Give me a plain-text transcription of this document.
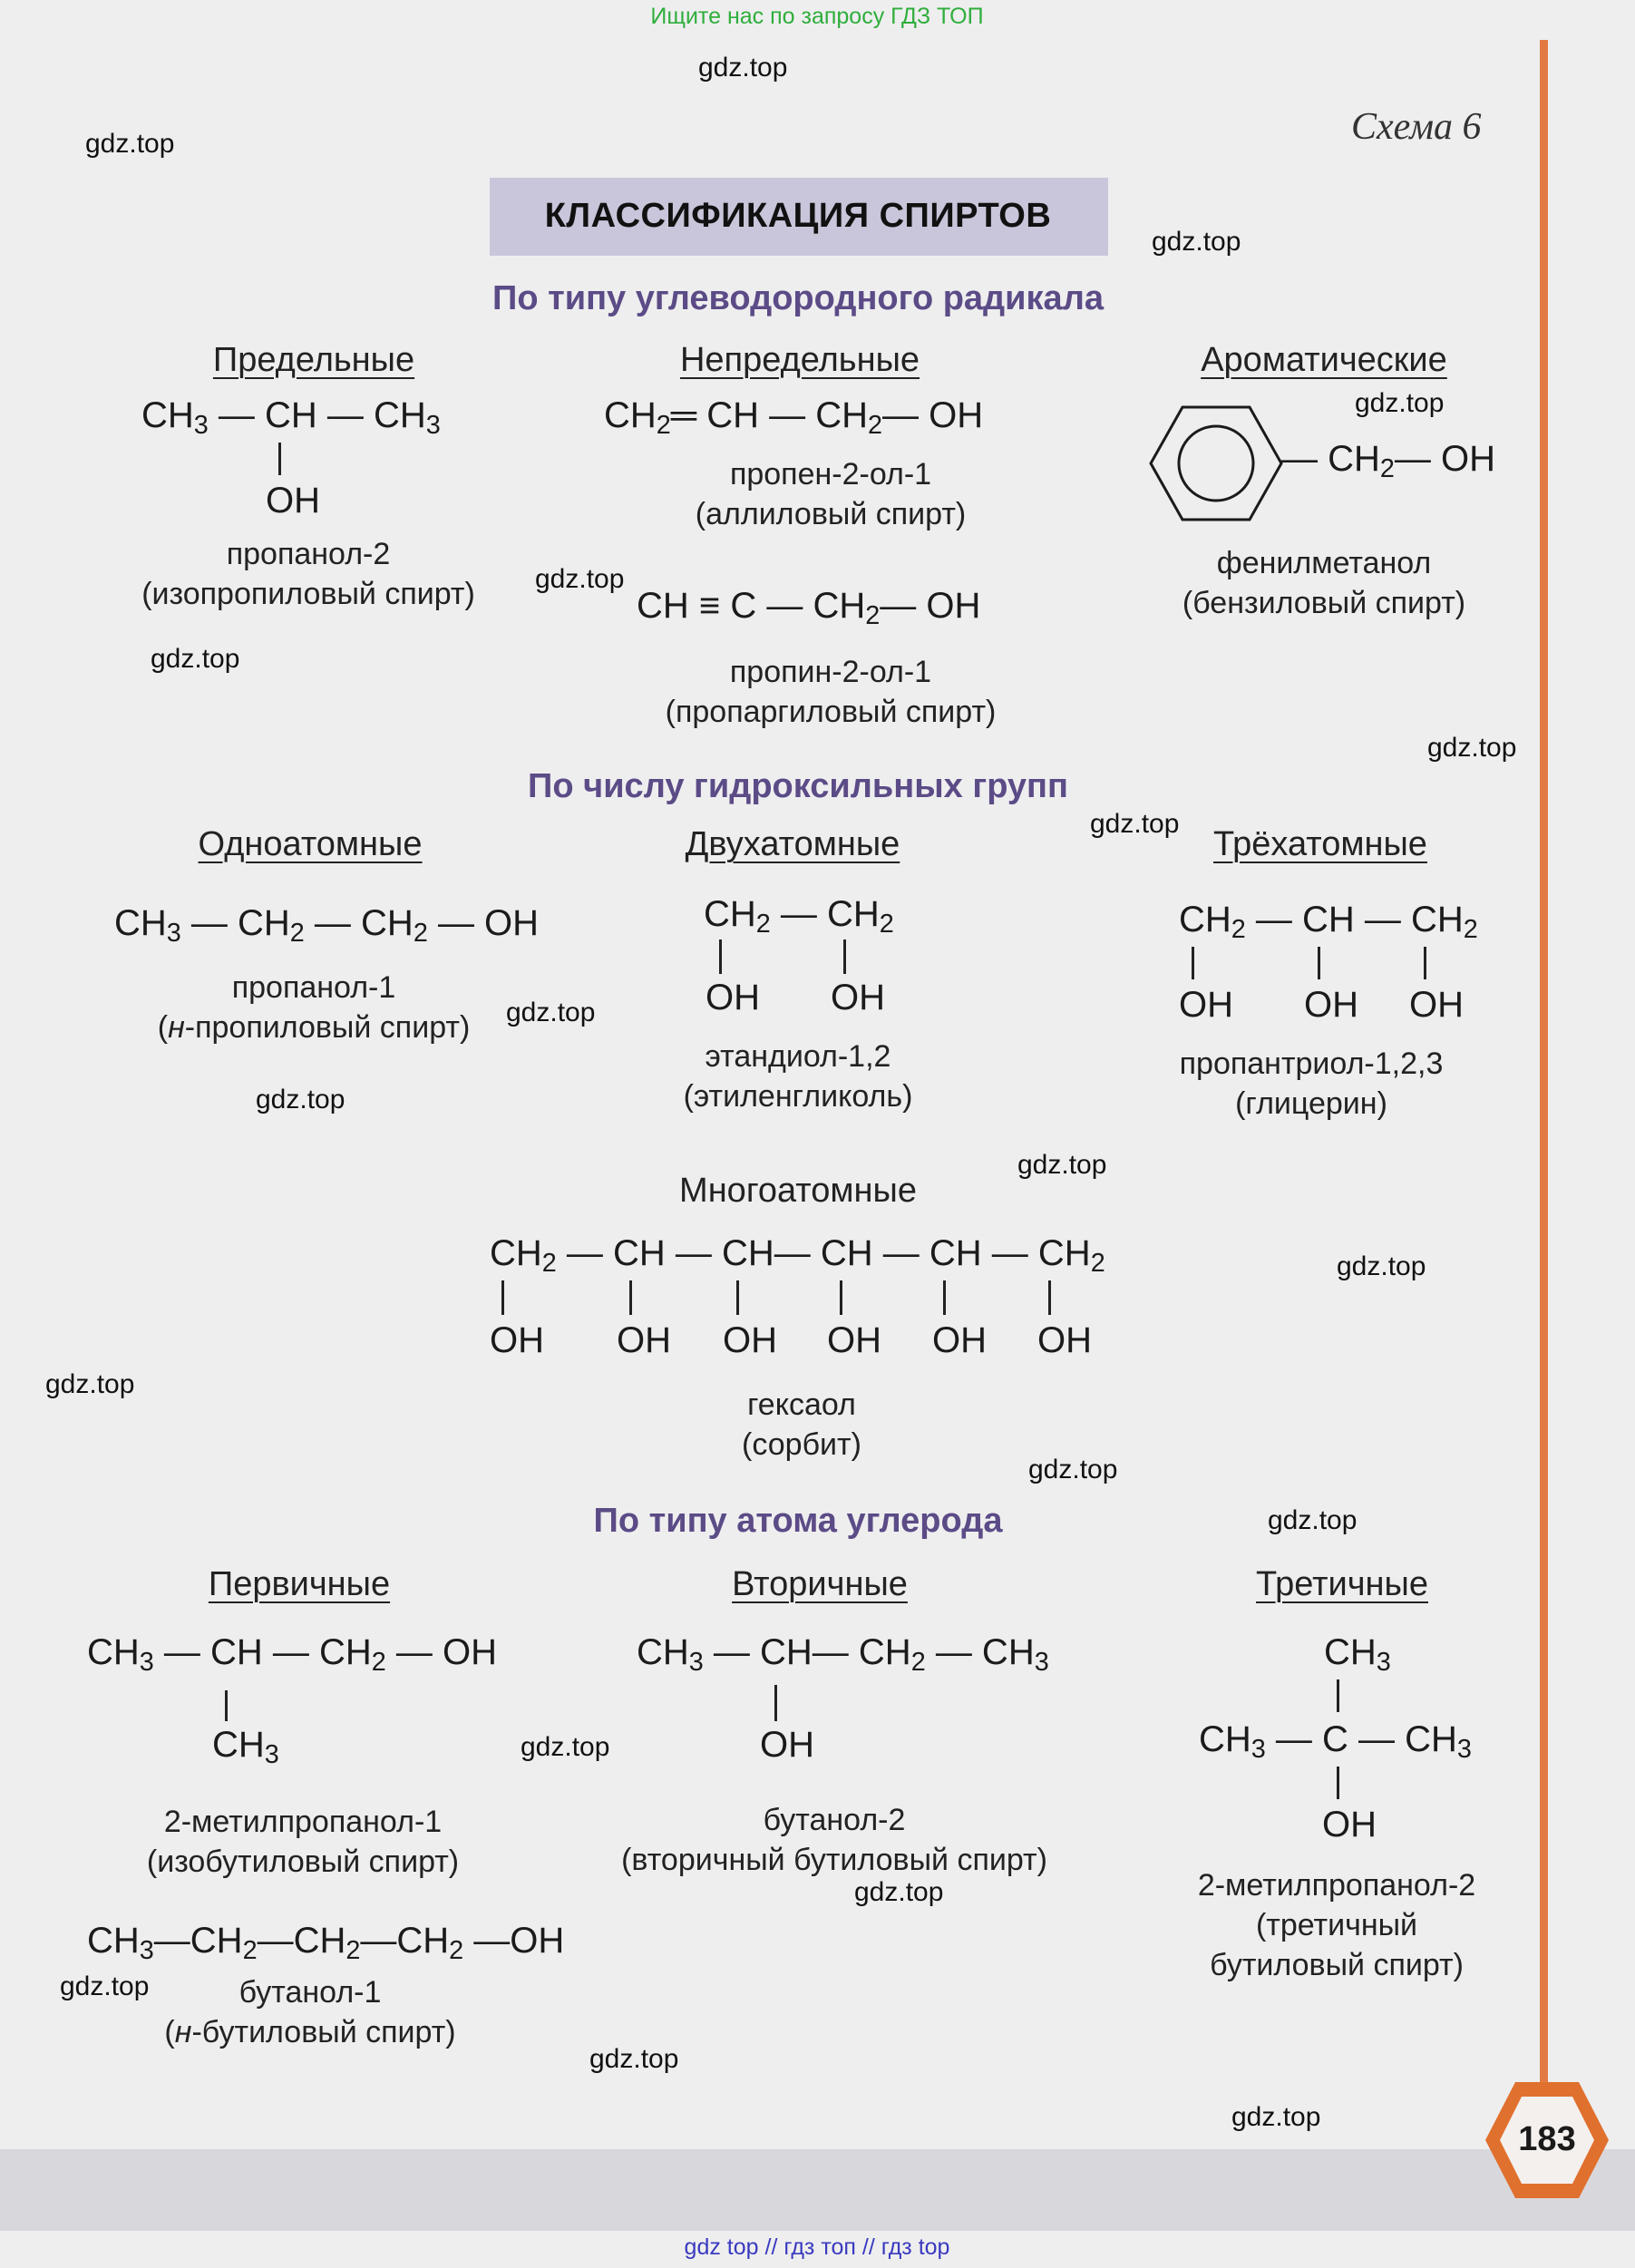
Ищите нас по запросу ГДЗ ТОП
gdz.top
gdz.top
gdz.top
gdz.top
gdz.top
gdz.top
gdz.top
gdz.top
gdz.top
gdz.top
gdz.top
gdz.top
gdz.top
gdz.top
gdz.top
gdz.top
gdz.top
gdz.top
gdz.top
gdz.top
Схема 6
КЛАССИФИКАЦИЯ СПИРТОВ
По типу углеводородного радикала
Предельные	Непредельные	Ароматические
$CH_3$ — CH — $CH_3$
OH
пропанол-2
(изопропиловый спирт)
$CH_2═$ CH — $CH_2—$ OH
пропен-2-ол-1
(аллиловый спирт)
CH ≡ C — $CH_2—$ OH
пропин-2-ол-1
(пропаргиловый спирт)
— $CH_2—$ OH
фенилметанол
(бензиловый спирт)
По числу гидроксильных групп
Одноатомные	Двухатомные	Трёхатомные
$CH_3$ — $CH_2$ — $CH_2$ — OH
пропанол-1
(н-пропиловый спирт)
$CH_2$ — $CH_2$
OH OH
этандиол-1,2
(этиленгликоль)
$CH_2$ — CH — $CH_2$
OH OH OH
пропантриол-1,2,3
(глицерин)
Многоатомные
$CH_2$ — CH — CH— CH — CH — $CH_2$
OH OH OH OH OH OH
гексаол
(сорбит)
По типу атома углерода
Первичные	Вторичные	Третичные
$CH_3$ — CH — $CH_2$ — OH
$CH_3$
2-метилпропанол-1
(изобутиловый спирт)
$CH_3—CH_2—CH_2—CH_2$ —OH
бутанол-1
(н-бутиловый спирт)
$CH_3$ — CH— $CH_2$ — $CH_3$
OH
бутанол-2
(вторичный бутиловый спирт)
$CH_3$
$CH_3$ — C — $CH_3$
OH
2-метилпропанол-2
(третичный
бутиловый спирт)
183
gdz top // гдз топ // гдз top
